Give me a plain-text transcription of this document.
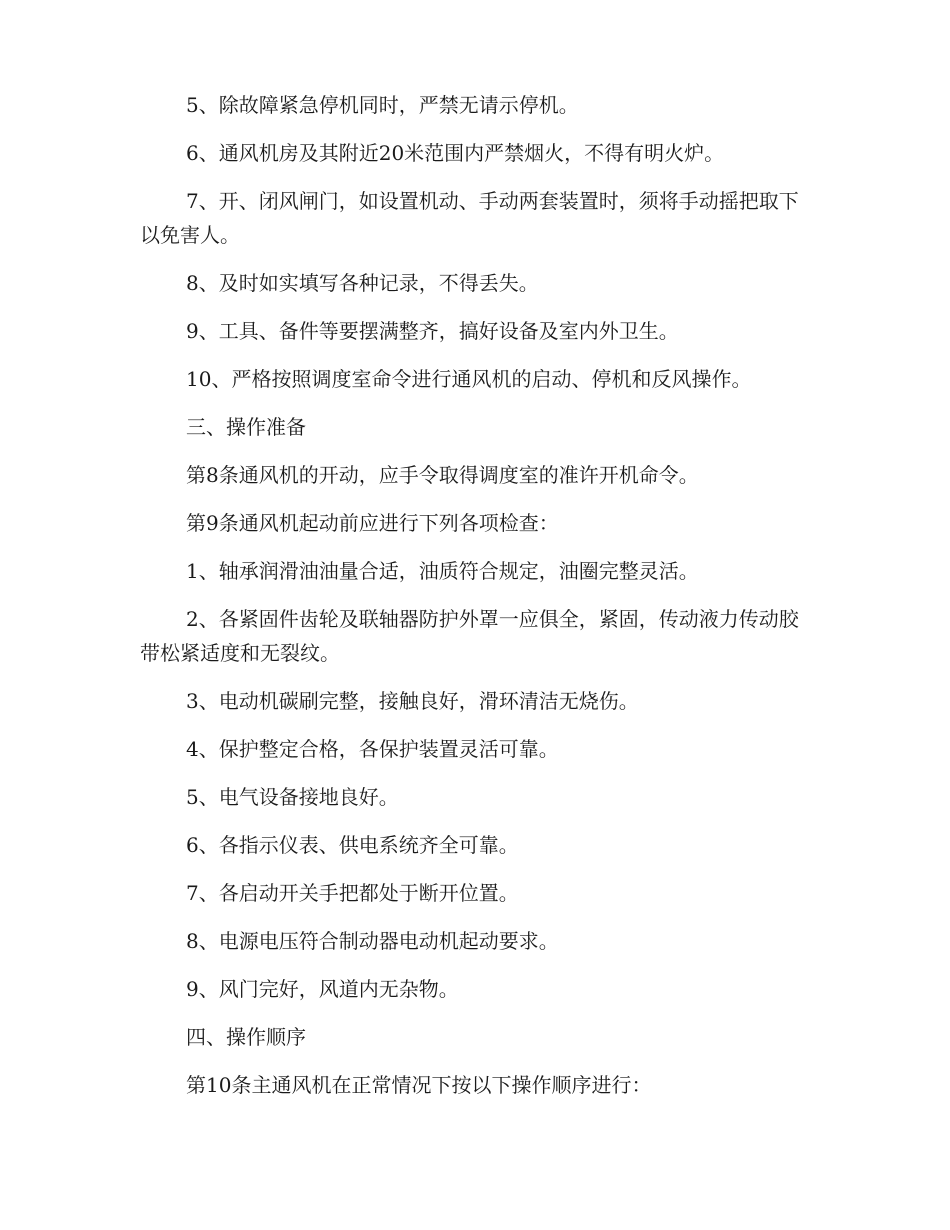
5、除故障紧急停机同时，严禁无请示停机。

6、通风机房及其附近20米范围内严禁烟火，不得有明火炉。

7、开、闭风闸门，如设置机动、手动两套装置时，须将手动摇把取下以免害人。

8、及时如实填写各种记录，不得丢失。

9、工具、备件等要摆满整齐，搞好设备及室内外卫生。

10、严格按照调度室命令进行通风机的启动、停机和反风操作。

三、操作准备

第8条通风机的开动，应手令取得调度室的准许开机命令。

第9条通风机起动前应进行下列各项检查：

1、轴承润滑油油量合适，油质符合规定，油圈完整灵活。

2、各紧固件齿轮及联轴器防护外罩一应俱全，紧固，传动液力传动胶带松紧适度和无裂纹。

3、电动机碳刷完整，接触良好，滑环清洁无烧伤。

4、保护整定合格，各保护装置灵活可靠。

5、电气设备接地良好。

6、各指示仪表、供电系统齐全可靠。

7、各启动开关手把都处于断开位置。

8、电源电压符合制动器电动机起动要求。

9、风门完好，风道内无杂物。

四、操作顺序

第10条主通风机在正常情况下按以下操作顺序进行：
